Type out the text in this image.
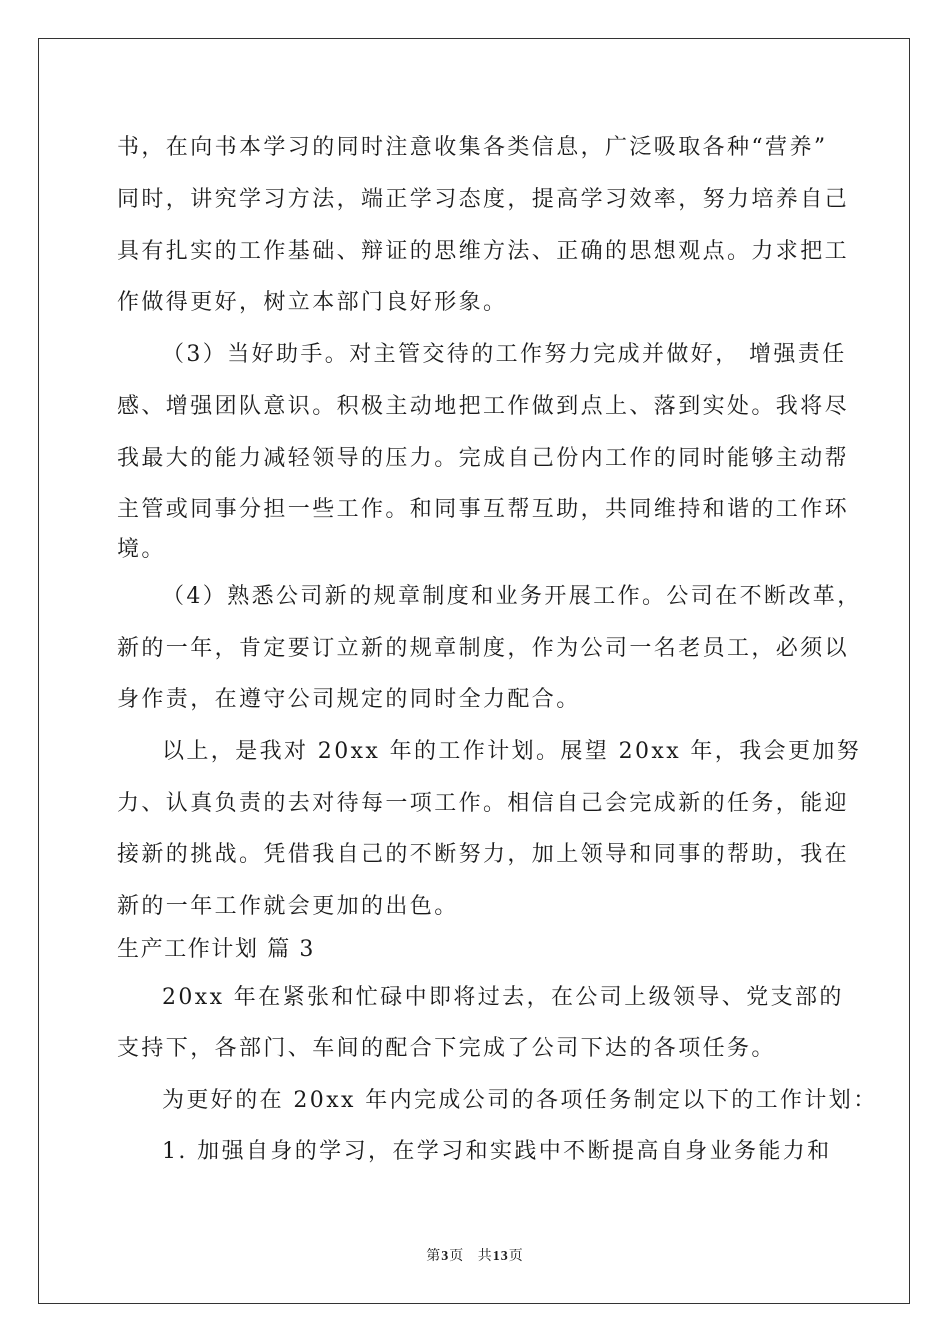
书，在向书本学习的同时注意收集各类信息，广泛吸取各种“营养”
同时，讲究学习方法，端正学习态度，提高学习效率，努力培养自己
具有扎实的工作基础、辩证的思维方法、正确的思想观点。力求把工
作做得更好，树立本部门良好形象。
（3）当好助手。对主管交待的工作努力完成并做好， 增强责任
感、增强团队意识。积极主动地把工作做到点上、落到实处。我将尽
我最大的能力减轻领导的压力。完成自己份内工作的同时能够主动帮
主管或同事分担一些工作。和同事互帮互助，共同维持和谐的工作环
境。
（4）熟悉公司新的规章制度和业务开展工作。公司在不断改革，
新的一年，肯定要订立新的规章制度，作为公司一名老员工，必须以
身作责，在遵守公司规定的同时全力配合。
以上，是我对 20xx 年的工作计划。展望 20xx 年，我会更加努
力、认真负责的去对待每一项工作。相信自己会完成新的任务，能迎
接新的挑战。凭借我自己的不断努力，加上领导和同事的帮助，我在
新的一年工作就会更加的出色。
生产工作计划 篇 3
20xx 年在紧张和忙碌中即将过去，在公司上级领导、党支部的
支持下，各部门、车间的配合下完成了公司下达的各项任务。
为更好的在 20xx 年内完成公司的各项任务制定以下的工作计划：
1. 加强自身的学习，在学习和实践中不断提高自身业务能力和
第3页 共13页
